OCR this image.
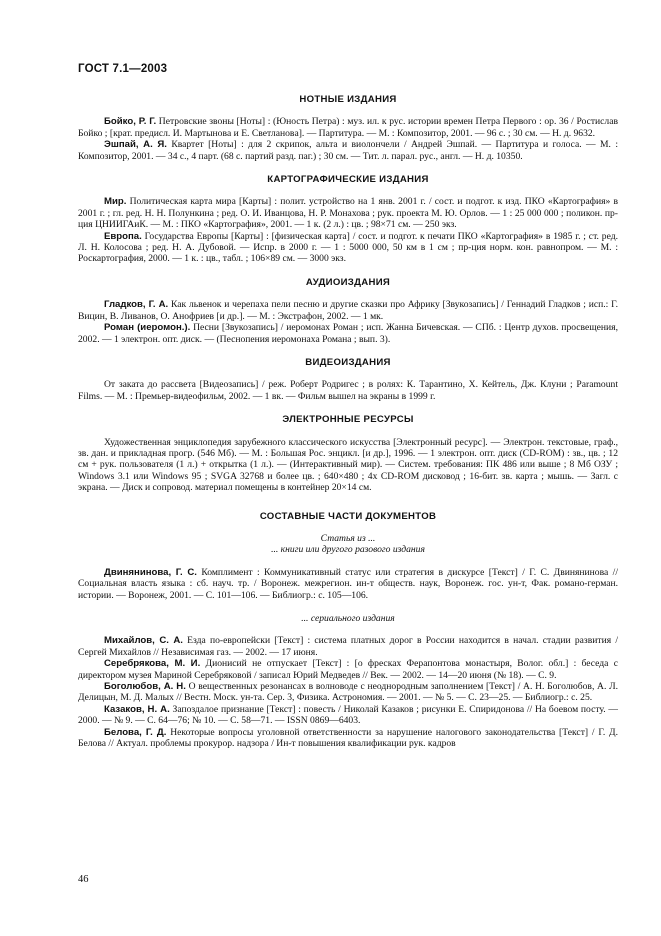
ГОСТ 7.1—2003
НОТНЫЕ ИЗДАНИЯ

Бойко, Р. Г. Петровские звоны [Ноты] : (Юность Петра) : муз. ил. к рус. истории времен Петра Первого : ор. 36 / Ростислав Бойко ; [крат. предисл. И. Мартыновa и Е. Светлановa]. — Партитура. — М. : Композитор, 2001. — 96 с. ; 30 см. — Н. д. 9632.

Эшпай, А. Я. Квартет [Ноты] : для 2 скрипок, альта и виолончели / Андрей Эшпай. — Партитура и голоса. — М. : Композитор, 2001. — 34 с., 4 парт. (68 с. партий разд. паг.) ; 30 см. — Тит. л. парал. рус., англ. — Н. д. 10350.

КАРТОГРАФИЧЕСКИЕ ИЗДАНИЯ

Мир. Политическая карта мира [Карты] : полит. устройство на 1 янв. 2001 г. / сост. и подгот. к изд. ПКО «Картография» в 2001 г. ; гл. ред. Н. Н. Полункина ; ред. О. И. Иванцова, Н. Р. Монахова ; рук. проекта М. Ю. Орлов. — 1 : 25 000 000 ; поликон. пр-ция ЦНИИГАиК. — М. : ПКО «Картография», 2001. — 1 к. (2 л.) : цв. ; 98×71 см. — 250 экз.

Европа. Государства Европы [Карты] : [физическая карта] / сост. и подгот. к печати ПКО «Картография» в 1985 г. ; ст. ред. Л. Н. Колосова ; ред. Н. А. Дубовой. — Испр. в 2000 г. — 1 : 5000 000, 50 км в 1 см ; пр-ция норм. кон. равнопром. — М. : Роскартография, 2000. — 1 к. : цв., табл. ; 106×89 см. — 3000 экз.

АУДИОИЗДАНИЯ

Гладков, Г. А. Как львенок и черепаха пели песню и другие сказки про Африку [Звукозапись] / Геннадий Гладков ; исп.: Г. Вицин, В. Ливанов, О. Анофриев [и др.]. — М. : Экстрафон, 2002. — 1 мк.

Роман (иеромон.). Песни [Звукозапись] / иеромонах Роман ; исп. Жанна Бичевская. — СПб. : Центр духов. просвещения, 2002. — 1 электрон. опт. диск. — (Песнопения иеромонаха Романа ; вып. 3).

ВИДЕОИЗДАНИЯ

От заката до рассвета [Видеозапись] / реж. Роберт Родригес ; в ролях: К. Тарантино, Х. Кейтель, Дж. Клуни ; Paramount Films. — М. : Премьер-видеофильм, 2002. — 1 вк. — Фильм вышел на экраны в 1999 г.

ЭЛЕКТРОННЫЕ РЕСУРСЫ

Художественная энциклопедия зарубежного классического искусства [Электронный ресурс]. — Электрон. текстовые, граф., зв. дан. и прикладная прогр. (546 Мб). — М. : Большая Рос. энцикл. [и др.], 1996. — 1 электрон. опт. диск (CD-ROM) : зв., цв. ; 12 см + рук. пользователя (1 л.) + открытка (1 л.). — (Интерактивный мир). — Систем. требования: ПК 486 или выше ; 8 Мб ОЗУ ; Windows 3.1 или Windows 95 ; SVGA 32768 и более цв. ; 640×480 ; 4х CD-ROM дисковод ; 16-бит. зв. карта ; мышь. — Загл. с экрана. — Диск и сопровод. материал помещены в контейнер 20×14 см.

СОСТАВНЫЕ ЧАСТИ ДОКУМЕНТОВ

Статья из ...

... книги или другого разового издания

Двинянинова, Г. С. Комплимент : Коммуникативный статус или стратегия в дискурсе [Текст] / Г. С. Двинянинова // Социальная власть языка : сб. науч. тр. / Воронеж. межрегион. ин-т обществ. наук, Воронеж. гос. ун-т, Фак. романо-герман. истории. — Воронеж, 2001. — С. 101—106. — Библиогр.: с. 105—106.

... сериального издания

Михайлов, С. А. Езда по-европейски [Текст] : система платных дорог в России находится в начал. стадии развития / Сергей Михайлов // Независимая газ. — 2002. — 17 июня.

Серебрякова, М. И. Дионисий не отпускает [Текст] : [о фресках Ферапонтова монастыря, Волог. обл.] : беседа с директором музея Мариной Серебряковой / записал Юрий Медведев // Век. — 2002. — 14—20 июня (№ 18). — С. 9.

Боголюбов, А. Н. О вещественных резонансах в волноводе с неоднородным заполнением [Текст] / А. Н. Боголюбов, А. Л. Делицын, М. Д. Малых // Вестн. Моск. ун-та. Сер. 3, Физика. Астрономия. — 2001. — № 5. — С. 23—25. — Библиогр.: с. 25.

Казаков, Н. А. Запоздалое признание [Текст] : повесть / Николай Казаков ; рисунки Е. Спиридонова // На боевом посту. — 2000. — № 9. — С. 64—76; № 10. — С. 58—71. — ISSN 0869—6403.

Белова, Г. Д. Некоторые вопросы уголовной ответственности за нарушение налогового законодательства [Текст] / Г. Д. Белова // Актуал. проблемы прокурор. надзора / Ин-т повышения квалификации рук. кадров

46
